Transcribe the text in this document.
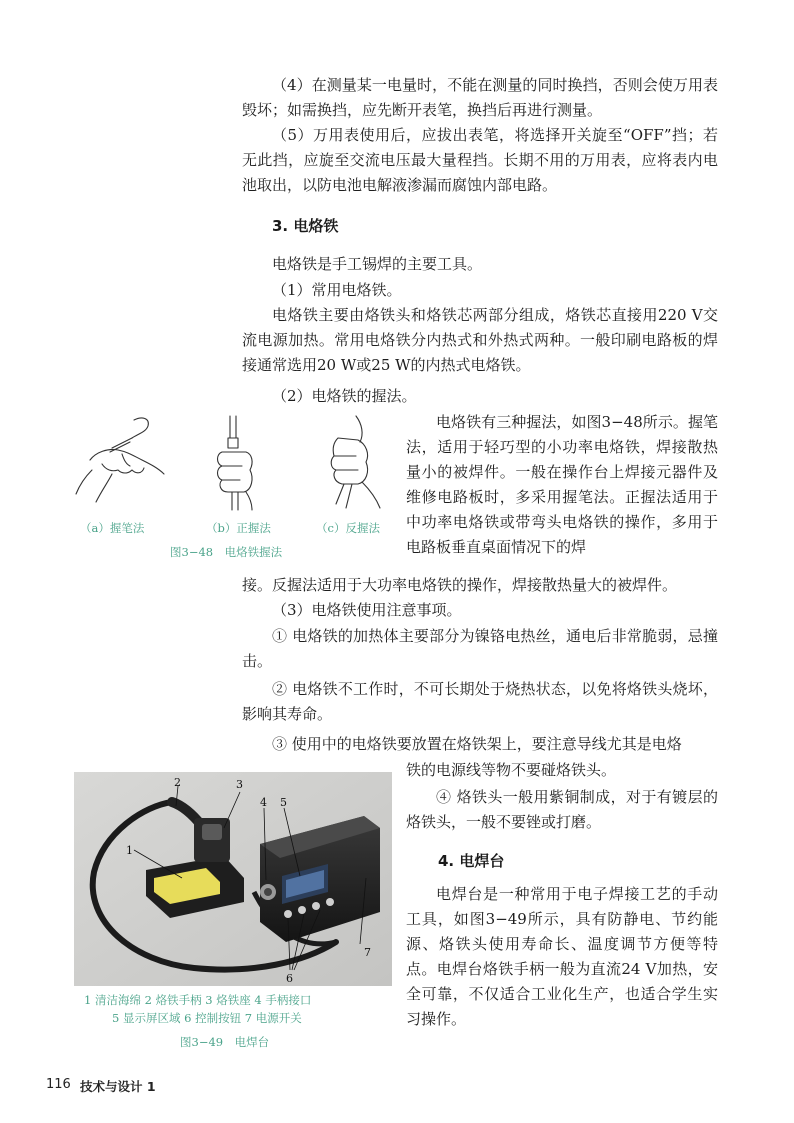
（4）在测量某一电量时，不能在测量的同时换挡，否则会使万用表毁坏；如需换挡，应先断开表笔，换挡后再进行测量。

（5）万用表使用后，应拔出表笔，将选择开关旋至“OFF”挡；若无此挡，应旋至交流电压最大量程挡。长期不用的万用表，应将表内电池取出，以防电池电解液渗漏而腐蚀内部电路。

3. 电烙铁

电烙铁是手工锡焊的主要工具。

（1）常用电烙铁。

电烙铁主要由烙铁头和烙铁芯两部分组成，烙铁芯直接用220 V交流电源加热。常用电烙铁分内热式和外热式两种。一般印刷电路板的焊接通常选用20 W或25 W的内热式电烙铁。

（2）电烙铁的握法。

（a）握笔法	（b）正握法	（c）反握法
图3−48　电烙铁握法

电烙铁有三种握法，如图3−48所示。握笔法，适用于轻巧型的小功率电烙铁，焊接散热量小的被焊件。一般在操作台上焊接元器件及维修电路板时，多采用握笔法。正握法适用于中功率电烙铁或带弯头电烙铁的操作，多用于电路板垂直桌面情况下的焊

接。反握法适用于大功率电烙铁的操作，焊接散热量大的被焊件。

（3）电烙铁使用注意事项。

① 电烙铁的加热体主要部分为镍铬电热丝，通电后非常脆弱，忌撞击。

② 电烙铁不工作时，不可长期处于烧热状态，以免将烙铁头烧坏，影响其寿命。

③ 使用中的电烙铁要放置在烙铁架上，要注意导线尤其是电烙

铁的电源线等物不要碰烙铁头。

④ 烙铁头一般用紫铜制成，对于有镀层的烙铁头，一般不要锉或打磨。

4. 电焊台

电焊台是一种常用于电子焊接工艺的手动工具，如图3−49所示，具有防静电、节约能源、烙铁头使用寿命长、温度调节方便等特点。电焊台烙铁手柄一般为直流24 V加热，安全可靠，不仅适合工业化生产，也适合学生实习操作。

1
2	3
4 5
6
7
1 清洁海绵 2 烙铁手柄 3 烙铁座 4 手柄接口
5 显示屏区域 6 控制按钮 7 电源开关
图3−49　电焊台
116 技术与设计 1
